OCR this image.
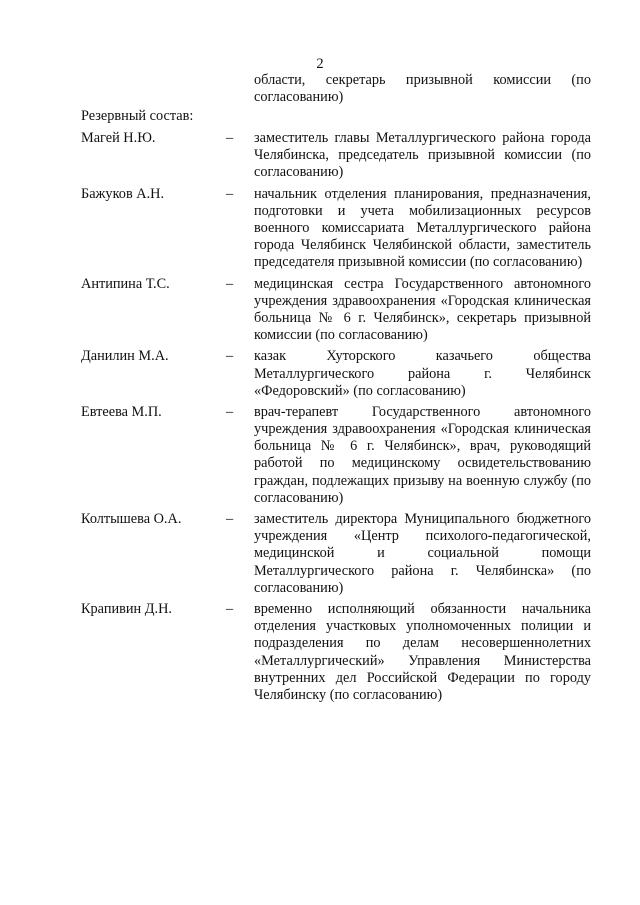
2
области, секретарь призывной комиссии (по согласованию)
Резервный состав:
Магей Н.Ю.	–	заместитель главы Металлургического района города Челябинска, председатель призывной комиссии (по согласованию)
Бажуков А.Н.	–	начальник отделения планирования, предназначения, подготовки и учета мобилизационных ресурсов военного комиссариата Металлургического района города Челябинск Челябинской области, заместитель председателя призывной комиссии (по согласованию)
Антипина Т.С.	–	медицинская сестра Государственного автономного учреждения здравоохранения «Городская клиническая больница № 6 г. Челябинск», секретарь призывной комиссии (по согласованию)
Данилин М.А.	–	казак Хуторского казачьего общества Металлургического района г. Челябинск «Федоровский» (по согласованию)
Евтеева М.П.	–	врач-терапевт Государственного автономного учреждения здравоохранения «Городская клиническая больница № 6 г. Челябинск», врач, руководящий работой по медицинскому освидетельствованию граждан, подлежащих призыву на военную службу (по согласованию)
Колтышева О.А.	–	заместитель директора Муниципального бюджетного учреждения «Центр психолого-педагогической, медицинской и социальной помощи Металлургического района г. Челябинска» (по согласованию)
Крапивин Д.Н.	–	временно исполняющий обязанности начальника отделения участковых уполномоченных полиции и подразделения по делам несовершеннолетних «Металлургический» Управления Министерства внутренних дел Российской Федерации по городу Челябинску (по согласованию)
